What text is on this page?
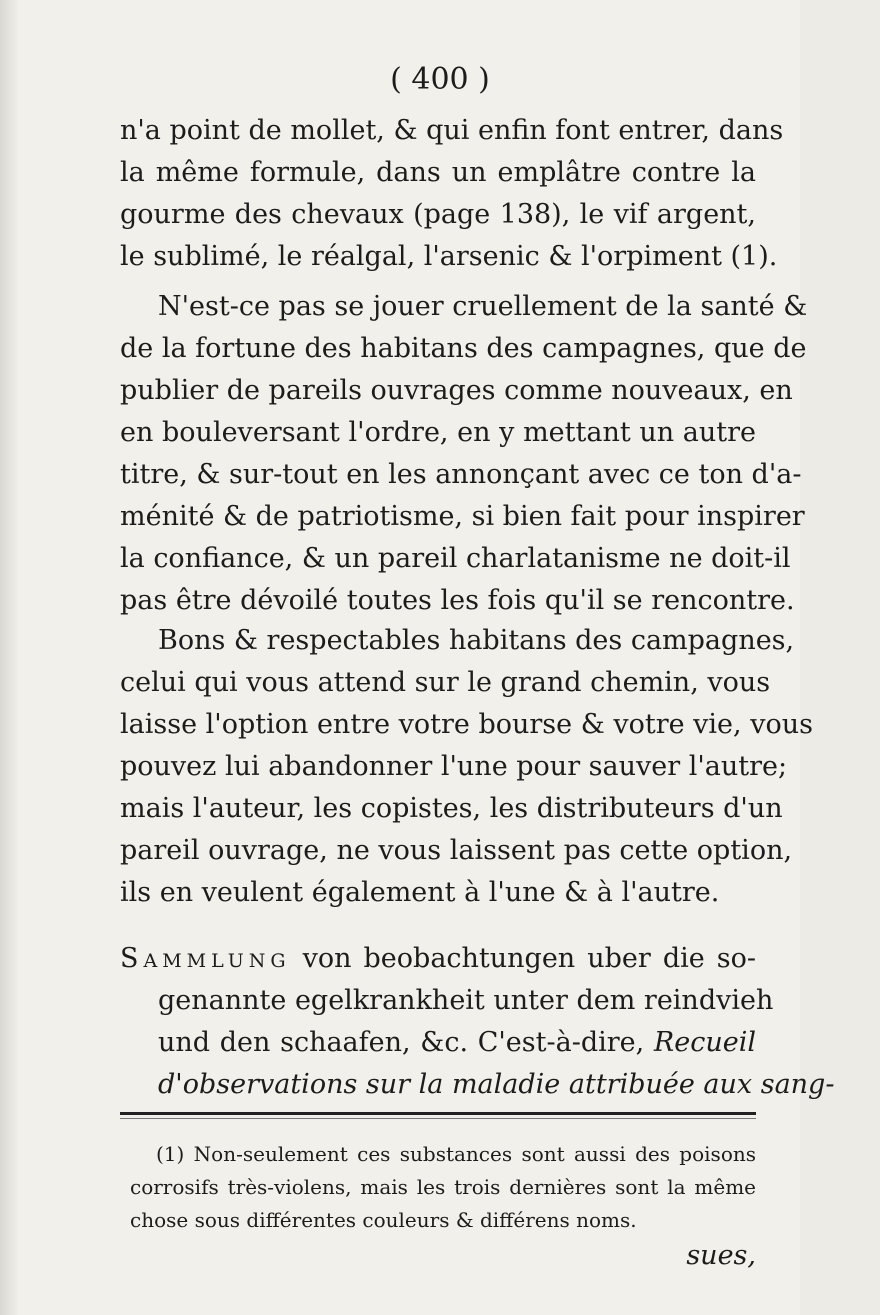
( 400 )
n'a point de mollet, & qui enfin font entrer, dans
la même formule, dans un emplâtre contre la
gourme des chevaux (page 138), le vif argent,
le sublimé, le réalgal, l'arsenic & l'orpiment (1).
N'est-ce pas se jouer cruellement de la santé &
de la fortune des habitans des campagnes, que de
publier de pareils ouvrages comme nouveaux, en
en bouleversant l'ordre, en y mettant un autre
titre, & sur-tout en les annonçant avec ce ton d'a-
ménité & de patriotisme, si bien fait pour inspirer
la confiance, & un pareil charlatanisme ne doit-il
pas être dévoilé toutes les fois qu'il se rencontre.
Bons & respectables habitans des campagnes,
celui qui vous attend sur le grand chemin, vous
laisse l'option entre votre bourse & votre vie, vous
pouvez lui abandonner l'une pour sauver l'autre;
mais l'auteur, les copistes, les distributeurs d'un
pareil ouvrage, ne vous laissent pas cette option,
ils en veulent également à l'une & à l'autre.
Sammlung von beobachtungen uber die so-
genannte egelkrankheit unter dem reindvieh
und den schaafen, &c. C'est-à-dire, Recueil
d'observations sur la maladie attribuée aux sang-
(1) Non-seulement ces substances sont aussi des poisons
corrosifs très-violens, mais les trois dernières sont la même
chose sous différentes couleurs & différens noms.
sues,
